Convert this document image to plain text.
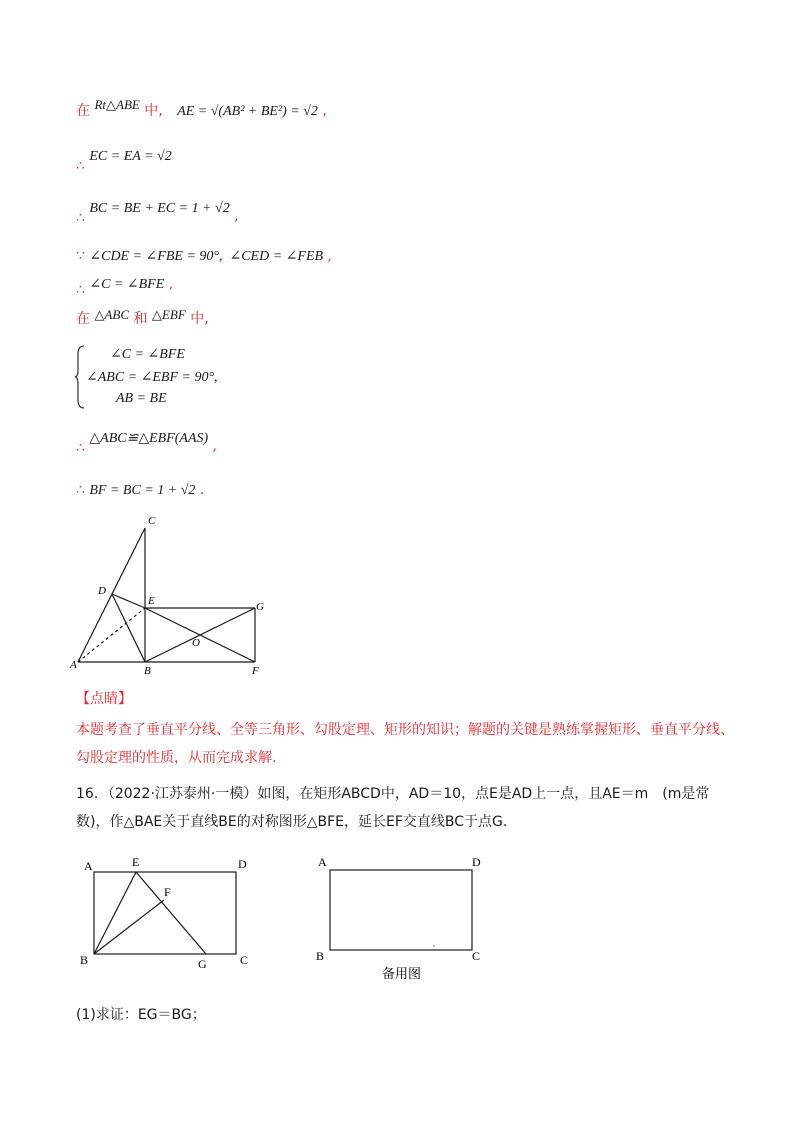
在 Rt△ABE 中, AE = √(AB² + BE²) = √2 ,
∴ EC = EA = √2
∴ BC = BE + EC = 1 + √2 ,
∵ ∠CDE = ∠FBE = 90°,  ∠CED = ∠FEB ,
∴ ∠C = ∠BFE ,
在 △ABC 和 △EBF 中,
∠C = ∠BFE
∠ABC = ∠EBF = 90°,
AB = BE
∴ △ABC≌△EBF(AAS) ,
∴ BF = BC = 1 + √2 .
C
D
E	G
O
A	B	F
【点睛】
本题考查了垂直平分线、全等三角形、勾股定理、矩形的知识；解题的关键是熟练掌握矩形、垂直平分线、勾股定理的性质，从而完成求解.
16．（2022·江苏泰州·一模）如图，在矩形ABCD中，AD＝10，点E是AD上一点，且AE＝m　(m是常数)，作△BAE关于直线BE的对称图形△BFE，延长EF交直线BC于点G.
A	E	D
F
B	G	C
A	D
B	C
备用图
(1)求证：EG＝BG；
